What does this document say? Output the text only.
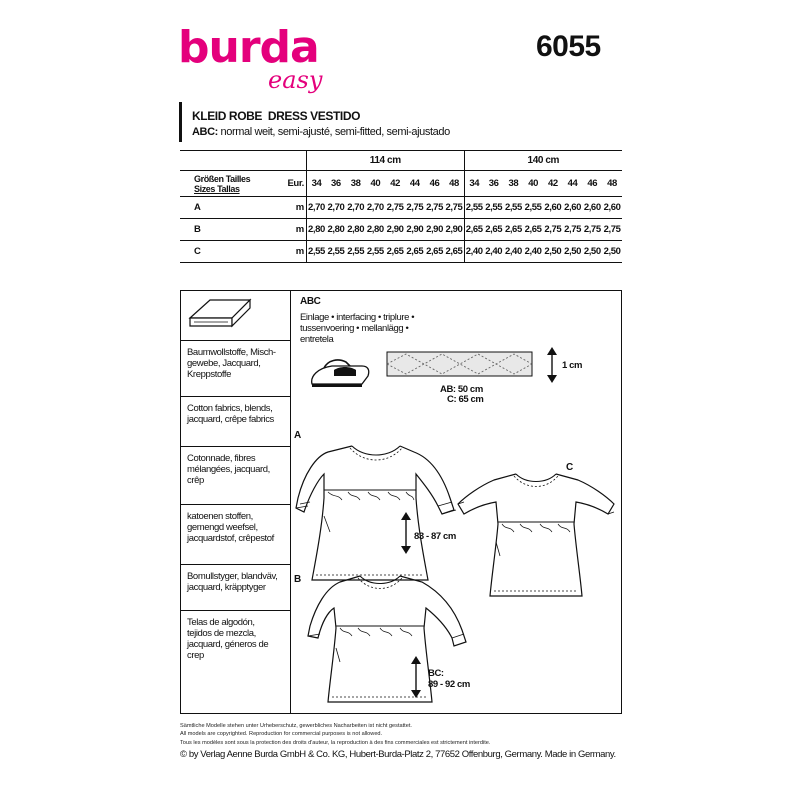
burda
easy
6055
KLEID ROBE  DRESS VESTIDO
ABC: normal weit, semi-ajusté, semi-fitted, semi-ajustado
		114 cm								140 cm							

Größen Tailles
Sizes Tallas	Eur.	34	36	38	40	42	44	46	48	34	36	38	40	42	44	46	48
A	m	2,70	2,70	2,70	2,70	2,75	2,75	2,75	2,75	2,55	2,55	2,55	2,55	2,60	2,60	2,60	2,60
B	m	2,80	2,80	2,80	2,80	2,90	2,90	2,90	2,90	2,65	2,65	2,65	2,65	2,75	2,75	2,75	2,75
C	m	2,55	2,55	2,55	2,55	2,65	2,65	2,65	2,65	2,40	2,40	2,40	2,40	2,50	2,50	2,50	2,50
Baumwollstoffe, Misch-
gewebe, Jacquard,
Kreppstoffe
Cotton fabrics, blends,
jacquard, crêpe fabrics
Cotonnade, fibres
mélangées, jacquard,
crêp
katoenen stoffen,
gemengd weefsel,
jacquardstof, crêpestof
Bomullstyger, blandväv,
jacquard, kräpptyger
Telas de algodón,
tejidos de mezcla,
jacquard, géneros de
crep
ABC
Einlage • interfacing • triplure •
tussenvoering • mellanlägg •
entretela
1 cm
AB: 50 cm
C: 65 cm
A
83 - 87 cm
C
B
BC:
89 - 92 cm
Sämtliche Modelle stehen unter Urheberschutz, gewerbliches Nacharbeiten ist nicht gestattet.
All models are copyrighted. Reproduction for commercial purposes is not allowed.
Tous les modèles sont sous la protection des droits d'auteur, la reproduction à des fins commerciales est strictement interdite.
© by Verlag Aenne Burda GmbH & Co. KG, Hubert-Burda-Platz 2, 77652 Offenburg, Germany. Made in Germany.
